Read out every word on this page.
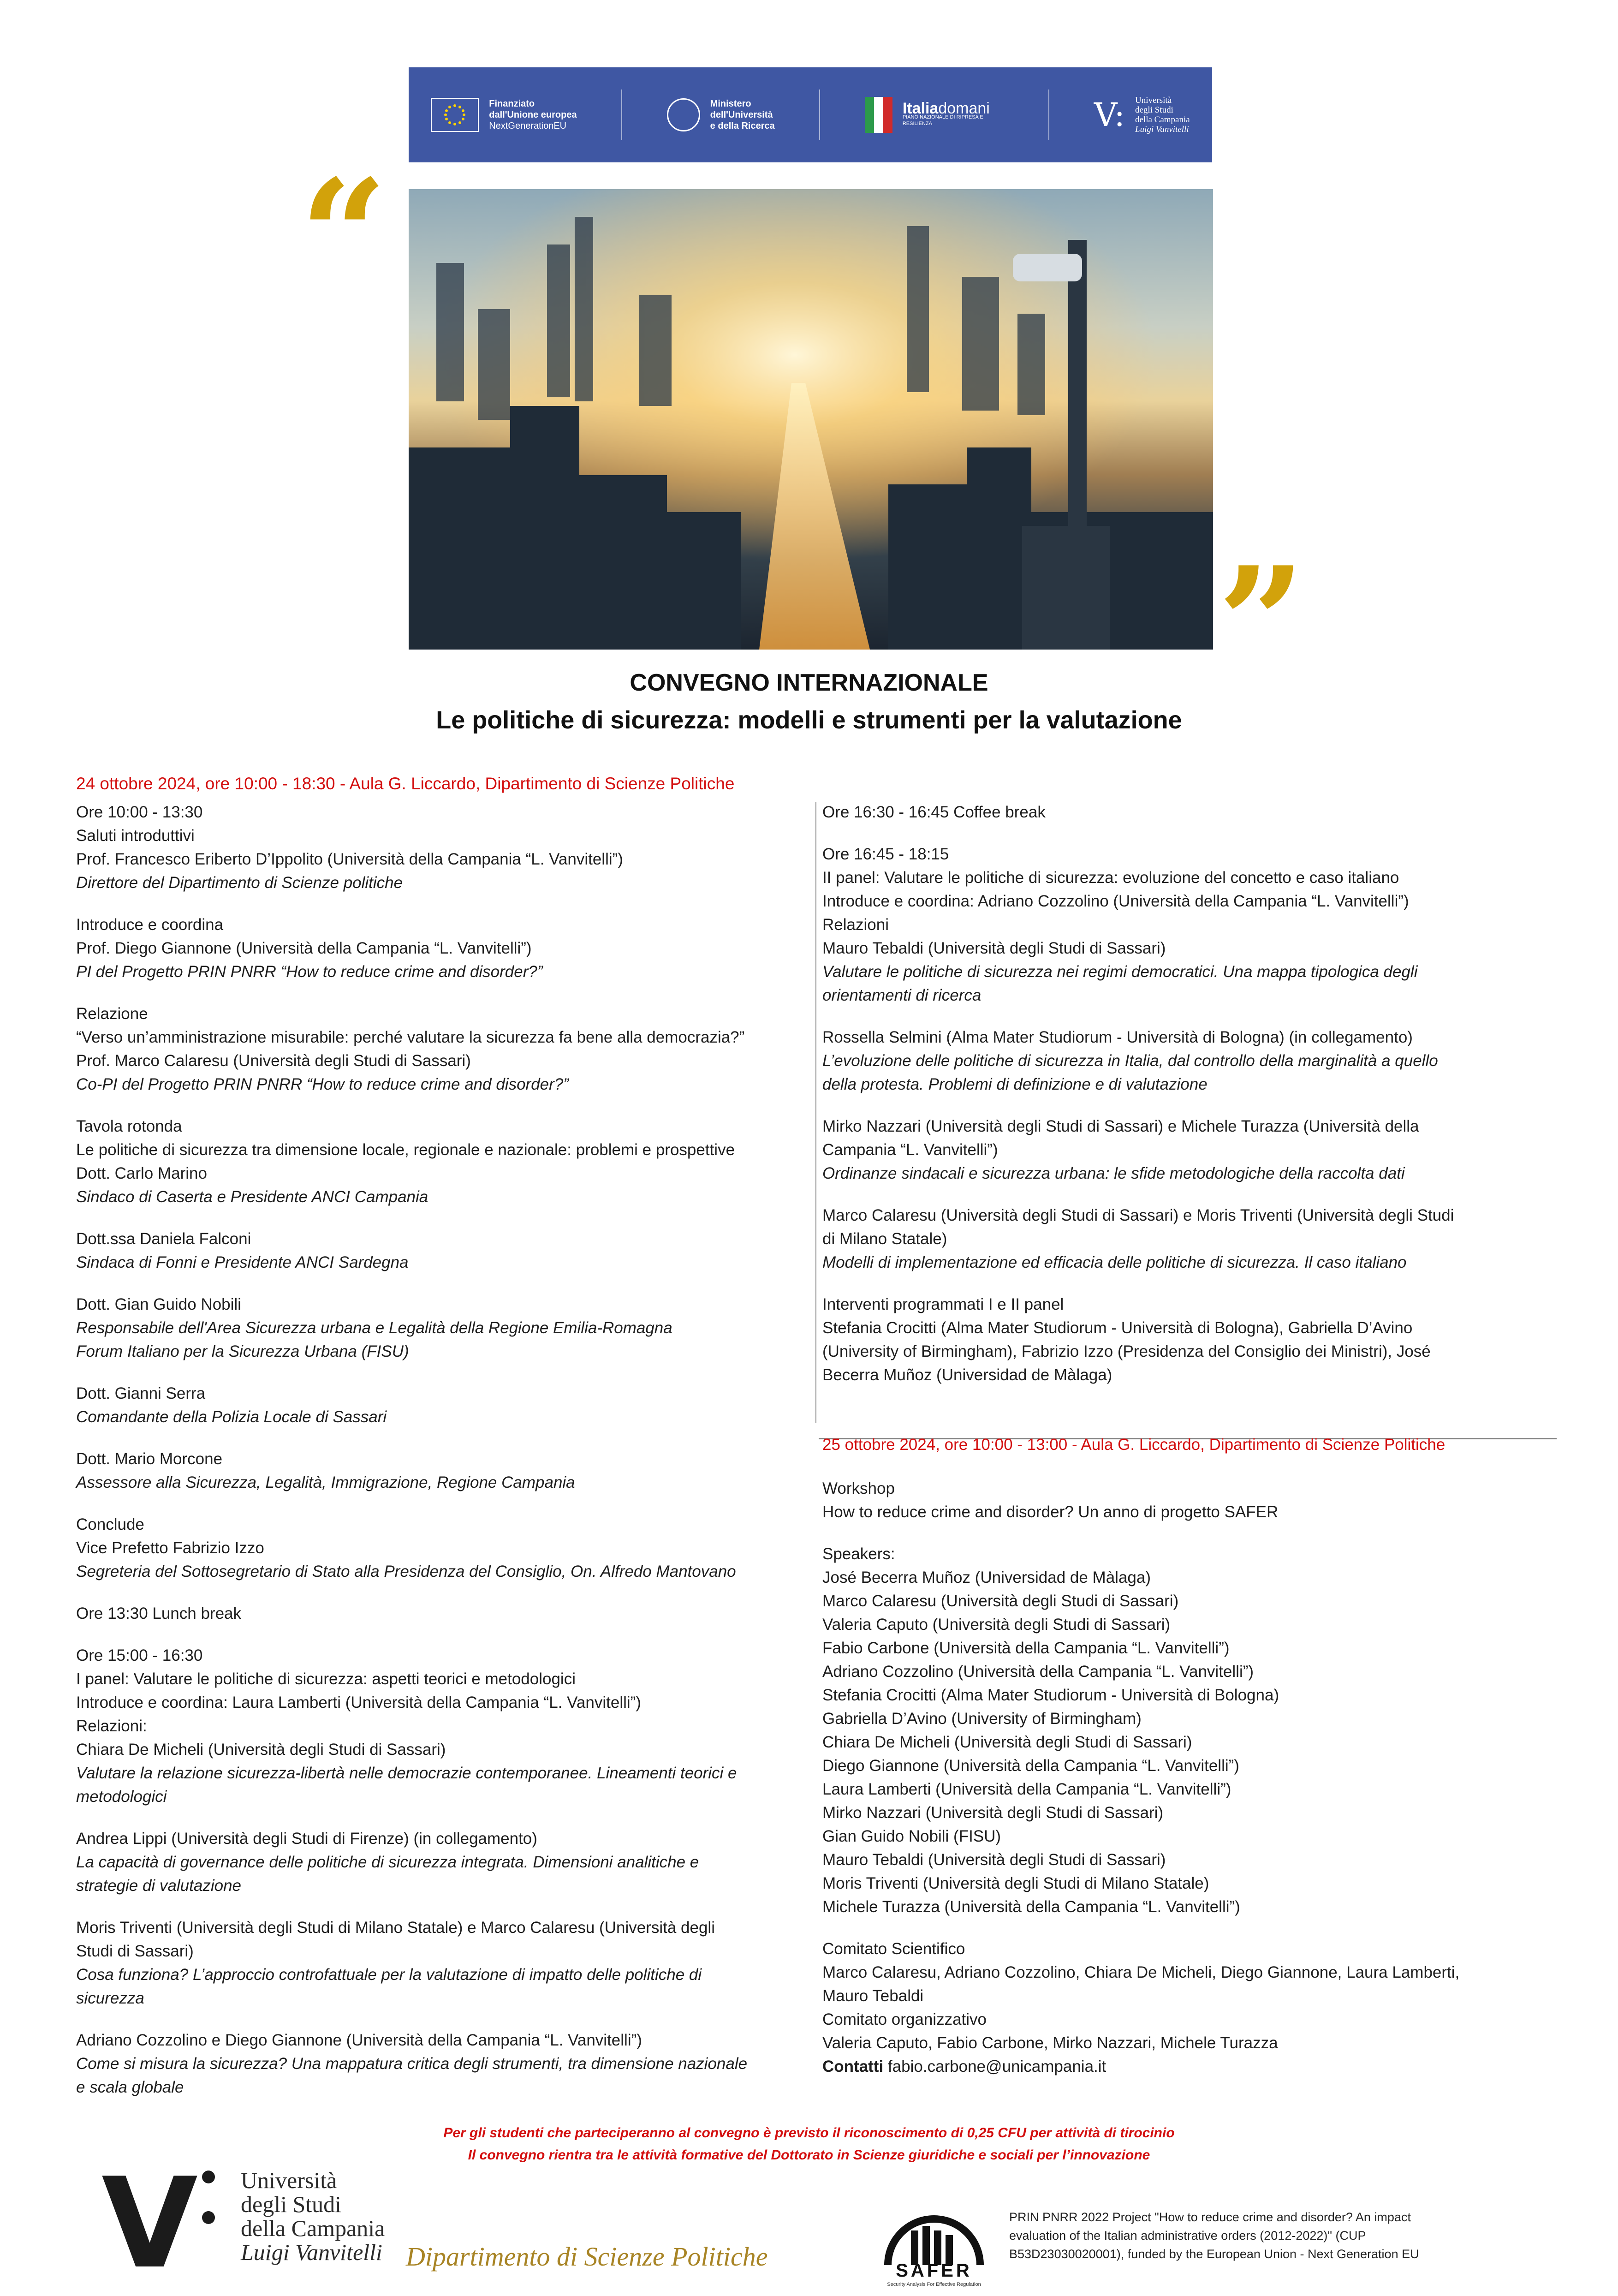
Finanziato
dall'Unione europea
NextGenerationEU
Ministero
dell'Università
e della Ricerca
Italiadomani
PIANO NAZIONALE DI RIPRESA E RESILIENZA	V: Università
degli Studi
della Campania
Luigi Vanvitelli
“
”
CONVEGNO INTERNAZIONALE
Le politiche di sicurezza: modelli e strumenti per la valutazione
24 ottobre 2024, ore 10:00 - 18:30 - Aula G. Liccardo, Dipartimento di Scienze Politiche

Ore 10:00 - 13:30

Saluti introduttivi

Prof. Francesco Eriberto D’Ippolito (Università della Campania “L. Vanvitelli”)

Direttore del Dipartimento di Scienze politiche

Introduce e coordina

Prof. Diego Giannone (Università della Campania “L. Vanvitelli”)

PI del Progetto PRIN PNRR “How to reduce crime and disorder?”

Relazione

“Verso un’amministrazione misurabile: perché valutare la sicurezza fa bene alla democrazia?”

Prof. Marco Calaresu (Università degli Studi di Sassari)

Co-PI del Progetto PRIN PNRR “How to reduce crime and disorder?”

Tavola rotonda

Le politiche di sicurezza tra dimensione locale, regionale e nazionale: problemi e prospettive

Dott. Carlo Marino

Sindaco di Caserta e Presidente ANCI Campania

Dott.ssa Daniela Falconi

Sindaca di Fonni e Presidente ANCI Sardegna

Dott. Gian Guido Nobili

Responsabile dell'Area Sicurezza urbana e Legalità della Regione Emilia-Romagna

Forum Italiano per la Sicurezza Urbana (FISU)

Dott. Gianni Serra

Comandante della Polizia Locale di Sassari

Dott. Mario Morcone

Assessore alla Sicurezza, Legalità, Immigrazione, Regione Campania

Conclude

Vice Prefetto Fabrizio Izzo

Segreteria del Sottosegretario di Stato alla Presidenza del Consiglio, On. Alfredo Mantovano

Ore 13:30 Lunch break

Ore 15:00 - 16:30

I panel: Valutare le politiche di sicurezza: aspetti teorici e metodologici

Introduce e coordina: Laura Lamberti (Università della Campania “L. Vanvitelli”)

Relazioni:

Chiara De Micheli (Università degli Studi di Sassari)

Valutare la relazione sicurezza-libertà nelle democrazie contemporanee. Lineamenti teorici e

metodologici

Andrea Lippi (Università degli Studi di Firenze) (in collegamento)

La capacità di governance delle politiche di sicurezza integrata. Dimensioni analitiche e

strategie di valutazione

Moris Triventi (Università degli Studi di Milano Statale) e Marco Calaresu (Università degli

Studi di Sassari)

Cosa funziona? L’approccio controfattuale per la valutazione di impatto delle politiche di

sicurezza

Adriano Cozzolino e Diego Giannone (Università della Campania “L. Vanvitelli”)

Come si misura la sicurezza? Una mappatura critica degli strumenti, tra dimensione nazionale

e scala globale

Ore 16:30 - 16:45 Coffee break

Ore 16:45 - 18:15

II panel: Valutare le politiche di sicurezza: evoluzione del concetto e caso italiano

Introduce e coordina: Adriano Cozzolino (Università della Campania “L. Vanvitelli”)

Relazioni

Mauro Tebaldi (Università degli Studi di Sassari)

Valutare le politiche di sicurezza nei regimi democratici. Una mappa tipologica degli

orientamenti di ricerca

Rossella Selmini (Alma Mater Studiorum - Università di Bologna) (in collegamento)

L’evoluzione delle politiche di sicurezza in Italia, dal controllo della marginalità a quello

della protesta. Problemi di definizione e di valutazione

Mirko Nazzari (Università degli Studi di Sassari) e Michele Turazza (Università della

Campania “L. Vanvitelli”)

Ordinanze sindacali e sicurezza urbana: le sfide metodologiche della raccolta dati

Marco Calaresu (Università degli Studi di Sassari) e Moris Triventi (Università degli Studi

di Milano Statale)

Modelli di implementazione ed efficacia delle politiche di sicurezza. Il caso italiano

Interventi programmati I e II panel

Stefania Crocitti (Alma Mater Studiorum - Università di Bologna), Gabriella D’Avino

(University of Birmingham), Fabrizio Izzo (Presidenza del Consiglio dei Ministri), José

Becerra Muñoz (Universidad de Màlaga)

25 ottobre 2024, ore 10:00 - 13:00 - Aula G. Liccardo, Dipartimento di Scienze Politiche

Workshop

How to reduce crime and disorder? Un anno di progetto SAFER

Speakers:

José Becerra Muñoz (Universidad de Màlaga)

Marco Calaresu (Università degli Studi di Sassari)

Valeria Caputo (Università degli Studi di Sassari)

Fabio Carbone (Università della Campania “L. Vanvitelli”)

Adriano Cozzolino (Università della Campania “L. Vanvitelli”)

Stefania Crocitti (Alma Mater Studiorum - Università di Bologna)

Gabriella D’Avino (University of Birmingham)

Chiara De Micheli (Università degli Studi di Sassari)

Diego Giannone (Università della Campania “L. Vanvitelli”)

Laura Lamberti (Università della Campania “L. Vanvitelli”)

Mirko Nazzari (Università degli Studi di Sassari)

Gian Guido Nobili (FISU)

Mauro Tebaldi (Università degli Studi di Sassari)

Moris Triventi (Università degli Studi di Milano Statale)

Michele Turazza (Università della Campania “L. Vanvitelli”)

Comitato Scientifico

Marco Calaresu, Adriano Cozzolino, Chiara De Micheli, Diego Giannone, Laura Lamberti,

Mauro Tebaldi

Comitato organizzativo

Valeria Caputo, Fabio Carbone, Mirko Nazzari, Michele Turazza

Contatti fabio.carbone@unicampania.it

Per gli studenti che parteciperanno al convegno è previsto il riconoscimento di 0,25 CFU per attività di tirocinio
Il convegno rientra tra le attività formative del Dottorato in Scienze giuridiche e sociali per l’innovazione
V Università
degli Studi
della Campania
Luigi Vanvitelli Dipartimento di Scienze Politiche	SAFER
Security Analysis For Effective Regulation
PRIN PNRR 2022 Project "How to reduce crime and disorder? An impact
evaluation of the Italian administrative orders (2012-2022)" (CUP
B53D23030020001), funded by the European Union - Next Generation EU
